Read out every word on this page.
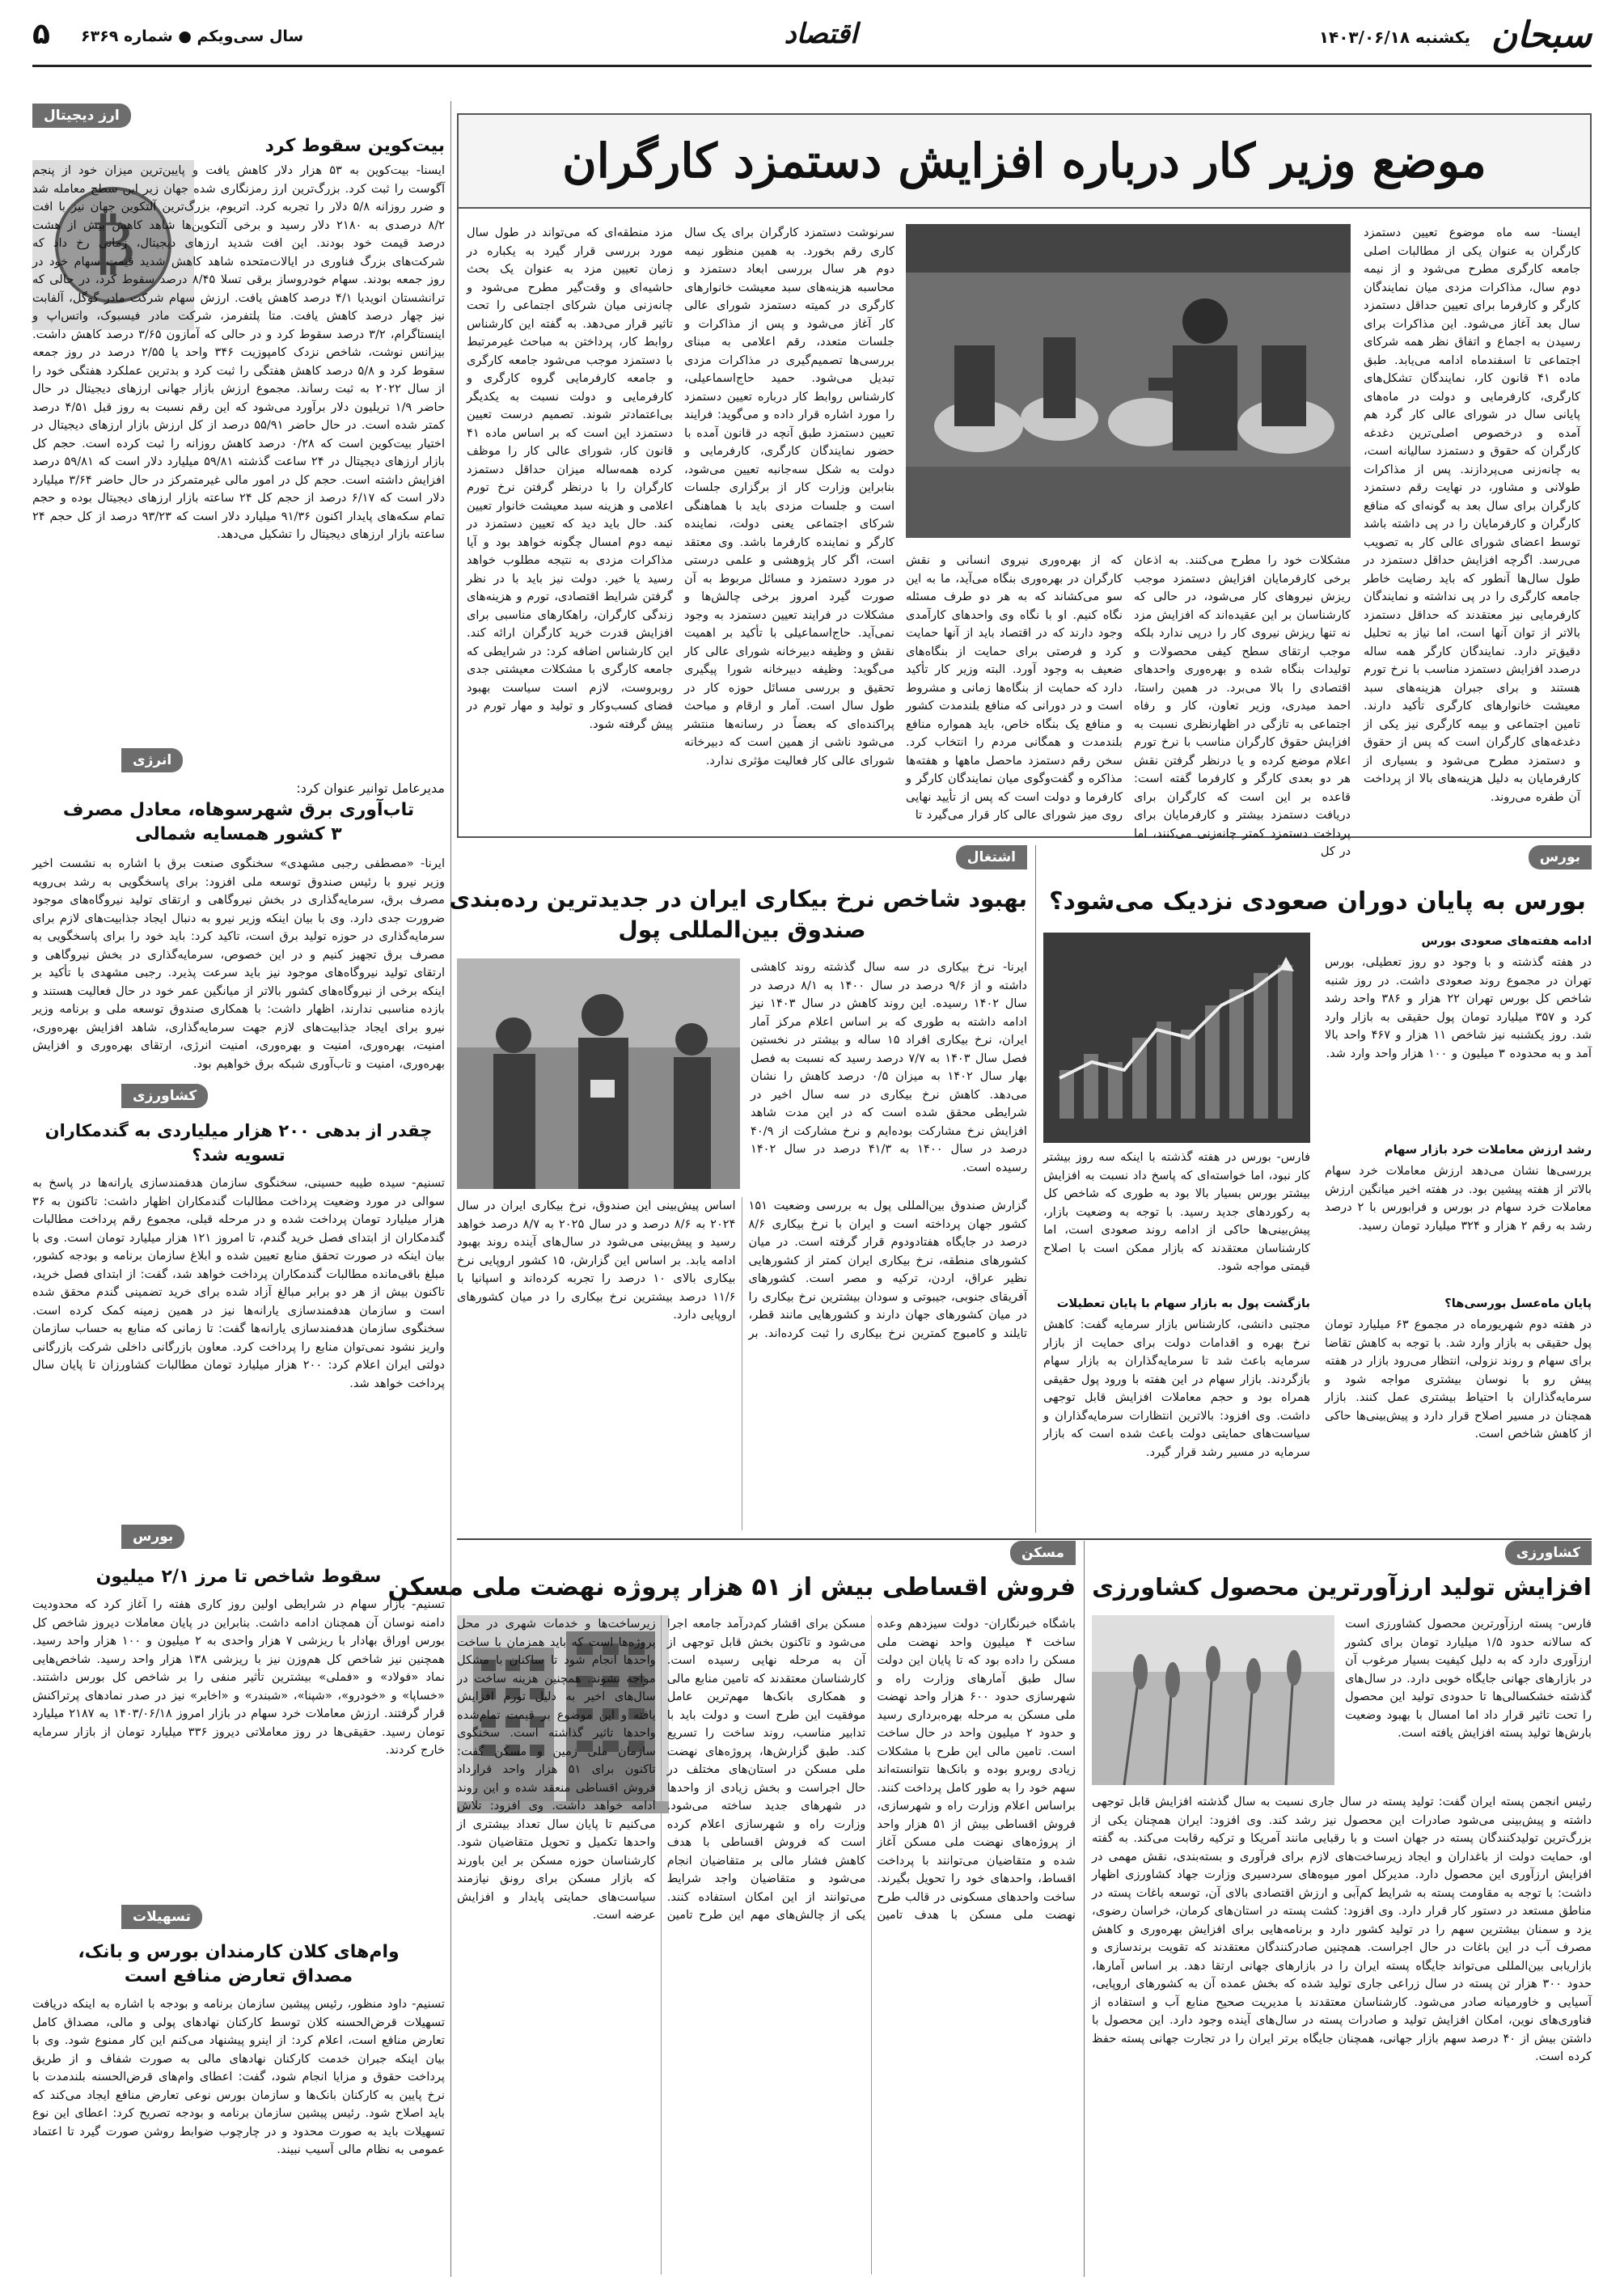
سبحان
یکشنبه ۱۴۰۳/۰۶/۱۸
اقتصاد
سال سی‌ویکم ● شماره ۶۳۶۹
۵
موضع وزیر کار درباره افزایش دستمزد کارگران
ایسنا- سه ماه موضوع تعیین دستمزد کارگران به عنوان یکی از مطالبات اصلی جامعه کارگری مطرح می‌شود و از نیمه دوم سال، مذاکرات مزدی میان نمایندگان کارگر و کارفرما برای تعیین حداقل دستمزد سال بعد آغاز می‌شود. این مذاکرات برای رسیدن به اجماع و اتفاق نظر همه شرکای اجتماعی تا اسفندماه ادامه می‌یابد. طبق ماده ۴۱ قانون کار، نمایندگان تشکل‌های کارگری، کارفرمایی و دولت در ماه‌های پایانی سال در شورای عالی کار گرد هم آمده و درخصوص اصلی‌ترین دغدغه کارگران که حقوق و دستمزد سالیانه است، به چانه‌زنی می‌پردازند. پس از مذاکرات طولانی و مشاور، در نهایت رقم دستمزد کارگران برای سال بعد به گونه‌ای که منافع کارگران و کارفرمایان را در پی داشته باشد توسط اعضای شورای عالی کار به تصویب می‌رسد. اگرچه افزایش حداقل دستمزد در طول سال‌ها آنطور که باید رضایت خاطر جامعه کارگری را در پی نداشته و نمایندگان کارفرمایی نیز معتقدند که حداقل دستمزد بالاتر از توان آنها است، اما نیاز به تحلیل دقیق‌تر دارد. نمایندگان کارگر همه ساله درصدد افزایش دستمزد مناسب با نرخ تورم هستند و برای جبران هزینه‌های سبد معیشت خانوارهای کارگری تأکید دارند. تامین اجتماعی و بیمه کارگری نیز یکی از دغدغه‌های کارگران است که پس از حقوق و دستمزد مطرح می‌شود و بسیاری از کارفرمایان به دلیل هزینه‌های بالا از پرداخت آن طفره می‌روند.
مشکلات خود را مطرح می‌کنند. به اذعان برخی کارفرمایان افزایش دستمزد موجب ریزش نیروهای کار می‌شود، در حالی که کارشناسان بر این عقیده‌اند که افزایش مزد نه تنها ریزش نیروی کار را درپی ندارد بلکه موجب ارتقای سطح کیفی محصولات و تولیدات بنگاه شده و بهره‌وری واحدهای اقتصادی را بالا می‌برد. در همین راستا، احمد میدری، وزیر تعاون، کار و رفاه اجتماعی به تازگی در اظهارنظری نسبت به افزایش حقوق کارگران مناسب با نرخ تورم اعلام موضع کرده و یا درنظر گرفتن نقش هر دو بعدی کارگر و کارفرما گفته است: قاعده بر این است که کارگران برای دریافت دستمزد بیشتر و کارفرمایان برای پرداخت دستمزد کمتر چانه‌زنی می‌کنند، اما در کل
که از بهره‌وری نیروی انسانی و نقش کارگران در بهره‌وری بنگاه می‌آید، ما به این سو می‌کشاند که به هر دو طرف مسئله نگاه کنیم. او با نگاه وی واحدهای کارآمدی وجود دارند که در اقتصاد باید از آنها حمایت کرد و فرصتی برای حمایت از بنگاه‌های ضعیف به وجود آورد. البته وزیر کار تأکید دارد که حمایت از بنگاه‌ها زمانی و مشروط است و در دورانی که منافع بلندمدت کشور و منافع یک بنگاه خاص، باید همواره منافع بلندمدت و همگانی مردم را انتخاب کرد. سخن رقم دستمزد ماحصل ماهها و هفته‌ها مذاکره و گفت‌وگوی میان نمایندگان کارگر و کارفرما و دولت است که پس از تأیید نهایی روی میز شورای عالی کار قرار می‌گیرد تا
سرنوشت دستمزد کارگران برای یک سال کاری رقم بخورد. به همین منظور نیمه دوم هر سال بررسی ابعاد دستمزد و محاسبه هزینه‌های سبد معیشت خانوارهای کارگری در کمیته دستمزد شورای عالی کار آغاز می‌شود و پس از مذاکرات و جلسات متعدد، رقم اعلامی به مبنای بررسی‌ها تصمیم‌گیری در مذاکرات مزدی تبدیل می‌شود. حمید حاج‌اسماعیلی، کارشناس روابط کار درباره تعیین دستمزد را مورد اشاره قرار داده و می‌گوید: فرایند تعیین دستمزد طبق آنچه در قانون آمده با حضور نمایندگان کارگری، کارفرمایی و دولت به شکل سه‌جانبه تعیین می‌شود، بنابراین وزارت کار از برگزاری جلسات است و جلسات مزدی باید با هماهنگی شرکای اجتماعی یعنی دولت، نماینده کارگر و نماینده کارفرما باشد. وی معتقد است، اگر کار پژوهشی و علمی درستی در مورد دستمزد و مسائل مربوط به آن صورت گیرد امروز برخی چالش‌ها و مشکلات در فرایند تعیین دستمزد به وجود نمی‌آید. حاج‌اسماعیلی با تأکید بر اهمیت نقش و وظیفه دبیرخانه شورای عالی کار می‌گوید: وظیفه دبیرخانه شورا پیگیری تحقیق و بررسی مسائل حوزه کار در طول سال است. آمار و ارقام و مباحث پراکنده‌ای که بعضاً در رسانه‌ها منتشر می‌شود ناشی از همین است که دبیرخانه شورای عالی کار فعالیت مؤثری ندارد.
مزد منطقه‌ای که می‌تواند در طول سال مورد بررسی قرار گیرد به یکباره در زمان تعیین مزد به عنوان یک بحث حاشیه‌ای و وقت‌گیر مطرح می‌شود و چانه‌زنی میان شرکای اجتماعی را تحت تاثیر قرار می‌دهد. به گفته این کارشناس روابط کار، پرداختن به مباحث غیرمرتبط با دستمزد موجب می‌شود جامعه کارگری و جامعه کارفرمایی گروه کارگری و کارفرمایی و دولت نسبت به یکدیگر بی‌اعتمادتر شوند. تصمیم درست تعیین دستمزد این است که بر اساس ماده ۴۱ قانون کار، شورای عالی کار را موظف کرده همه‌ساله میزان حداقل دستمزد کارگران را با درنظر گرفتن نرخ تورم اعلامی و هزینه سبد معیشت خانوار تعیین کند. حال باید دید که تعیین دستمزد در نیمه دوم امسال چگونه خواهد بود و آیا مذاکرات مزدی به نتیجه مطلوب خواهد رسید یا خیر. دولت نیز باید با در نظر گرفتن شرایط اقتصادی، تورم و هزینه‌های زندگی کارگران، راهکارهای مناسبی برای افزایش قدرت خرید کارگران ارائه کند. این کارشناس اضافه کرد: در شرایطی که جامعه کارگری با مشکلات معیشتی جدی روبروست، لازم است سیاست بهبود فضای کسب‌وکار و تولید و مهار تورم در پیش گرفته شود.
ارز دیجیتال
بیت‌کوین سقوط کرد
₿
ایسنا- بیت‌کوین به ۵۳ هزار دلار کاهش یافت و پایین‌ترین میزان خود از پنجم آگوست را ثبت کرد. بزرگ‌ترین ارز رمزنگاری شده جهان زیر این سطح معامله شد و ضرر روزانه ۵/۸ دلار را تجربه کرد. اتریوم، بزرگ‌ترین آلتکوین جهان نیز با افت ۸/۲ درصدی به ۲۱۸۰ دلار رسید و برخی آلتکوین‌ها شاهد کاهش بیش از هشت درصد قیمت خود بودند. این افت شدید ارزهای دیجیتال، زمانی رخ داد که شرکت‌های بزرگ فناوری در ایالات‌متحده شاهد کاهش شدید قیمت سهام خود در روز جمعه بودند. سهام خودروساز برقی تسلا ۸/۴۵ درصد سقوط کرد، در حالی که ترانشستان انویدیا ۴/۱ درصد کاهش یافت. ارزش سهام شرکت مادر گوگل، آلفابت نیز چهار درصد کاهش یافت. متا پلتفرمز، شرکت مادر فیسبوک، واتس‌اپ و اینستاگرام، ۳/۲ درصد سقوط کرد و در حالی که آمازون ۳/۶۵ درصد کاهش داشت. بیزانس نوشت، شاخص نزدک کامپوزیت ۳۴۶ واحد یا ۲/۵۵ درصد در روز جمعه سقوط کرد و ۵/۸ درصد کاهش هفتگی را ثبت کرد و بدترین عملکرد هفتگی خود را از سال ۲۰۲۲ به ثبت رساند. مجموع ارزش بازار جهانی ارزهای دیجیتال در حال حاضر ۱/۹ تریلیون دلار برآورد می‌شود که این رقم نسبت به روز قبل ۴/۵۱ درصد کمتر شده است. در حال حاضر ۵۵/۹۱ درصد از کل ارزش بازار ارزهای دیجیتال در اختیار بیت‌کوین است که ۰/۲۸ درصد کاهش روزانه را ثبت کرده است. حجم کل بازار ارزهای دیجیتال در ۲۴ ساعت گذشته ۵۹/۸۱ میلیارد دلار است که ۵۹/۸۱ درصد افزایش داشته است. حجم کل در امور مالی غیرمتمرکز در حال حاضر ۳/۶۴ میلیارد دلار است که ۶/۱۷ درصد از حجم کل ۲۴ ساعته بازار ارزهای دیجیتال بوده و حجم تمام سکه‌های پایدار اکنون ۹۱/۳۶ میلیارد دلار است که ۹۳/۲۳ درصد از کل حجم ۲۴ ساعته بازار ارزهای دیجیتال را تشکیل می‌دهد.
انرژی
مدیرعامل توانیر عنوان کرد:
تاب‌آوری برق شهرسوهاه، معادل مصرف
۳ کشور همسایه شمالی
ایرنا- «مصطفی رجبی مشهدی» سخنگوی صنعت برق با اشاره به نشست اخیر وزیر نیرو با رئیس صندوق توسعه ملی افزود: برای پاسخگویی به رشد بی‌رویه مصرف برق، سرمایه‌گذاری در بخش نیروگاهی و ارتقای تولید نیروگاه‌های موجود ضرورت جدی دارد. وی با بیان اینکه وزیر نیرو به دنبال ایجاد جذابیت‌های لازم برای سرمایه‌گذاری در حوزه تولید برق است، تاکید کرد: باید خود را برای پاسخگویی به مصرف برق تجهیز کنیم و در این خصوص، سرمایه‌گذاری در بخش نیروگاهی و ارتقای تولید نیروگاه‌های موجود نیز باید سرعت پذیرد. رجبی مشهدی با تأکید بر اینکه برخی از نیروگاه‌های کشور بالاتر از میانگین عمر خود در حال فعالیت هستند و بازده مناسبی ندارند، اظهار داشت: با همکاری صندوق توسعه ملی و برنامه وزیر نیرو برای ایجاد جذابیت‌های لازم جهت سرمایه‌گذاری، شاهد افزایش بهره‌وری، امنیت، بهره‌وری، امنیت و بهره‌وری، امنیت انرژی، ارتقای بهره‌وری و افزایش بهره‌وری، امنیت و تاب‌آوری شبکه برق خواهیم بود.
کشاورزی
چقدر از بدهی ۲۰۰ هزار میلیاردی به گندمکاران
تسویه شد؟
تسنیم- سیده طیبه حسینی، سخنگوی سازمان هدفمندسازی یارانه‌ها در پاسخ به سوالی در مورد وضعیت پرداخت مطالبات گندمکاران اظهار داشت: تاکنون به ۳۶ هزار میلیارد تومان پرداخت شده و در مرحله قبلی، مجموع رقم پرداخت مطالبات گندمکاران از ابتدای فصل خرید گندم، تا امروز ۱۲۱ هزار میلیارد تومان است. وی با بیان اینکه در صورت تحقق منابع تعیین شده و ابلاغ سازمان برنامه و بودجه کشور، مبلغ باقی‌مانده مطالبات گندمکاران پرداخت خواهد شد، گفت: از ابتدای فصل خرید، تاکنون بیش از هر دو برابر مبالغ آزاد شده برای خرید تضمینی گندم محقق شده است و سازمان هدفمندسازی یارانه‌ها نیز در همین زمینه کمک کرده است. سخنگوی سازمان هدفمندسازی یارانه‌ها گفت: تا زمانی که منابع به حساب سازمان واریز نشود نمی‌توان منابع را پرداخت کرد. معاون بازرگانی داخلی شرکت بازرگانی دولتی ایران اعلام کرد: ۲۰۰ هزار میلیارد تومان مطالبات کشاورزان تا پایان سال پرداخت خواهد شد.
بورس
سقوط شاخص تا مرز ۲/۱ میلیون
تسنیم- بازار سهام در شرایطی اولین روز کاری هفته را آغاز کرد که محدودیت دامنه نوسان آن همچنان ادامه داشت. بنابراین در پایان معاملات دیروز شاخص کل بورس اوراق بهادار با ریزشی ۷ هزار واحدی به ۲ میلیون و ۱۰۰ هزار واحد رسید. همچنین نیز شاخص کل هم‌وزن نیز با ریزشی ۱۳۸ هزار واحد رسید. شاخص‌هایی نماد «فولاد» و «فملی» بیشترین تأثیر منفی را بر شاخص کل بورس داشتند. «خساپا» و «خودرو»، «شپنا»، «شبندر» و «اخابر» نیز در صدر نمادهای پرتراکنش قرار گرفتند. ارزش معاملات خرد سهام در بازار امروز ۱۴۰۳/۰۶/۱۸ به ۲۱۸۷ میلیارد تومان رسید. حقیقی‌ها در روز معاملاتی دیروز ۳۳۶ میلیارد تومان از بازار سرمایه خارج کردند.
تسهیلات
وام‌های کلان کارمندان بورس و بانک،
مصداق تعارض منافع است
تسنیم- داود منظور، رئیس پیشین سازمان برنامه و بودجه با اشاره به اینکه دریافت تسهیلات قرض‌الحسنه کلان توسط کارکنان نهادهای پولی و مالی، مصداق کامل تعارض منافع است، اعلام کرد: از اینرو پیشنهاد می‌کنم این کار ممنوع شود. وی با بیان اینکه جبران خدمت کارکنان نهادهای مالی به صورت شفاف و از طریق پرداخت حقوق و مزایا انجام شود، گفت: اعطای وام‌های قرض‌الحسنه بلندمدت با نرخ پایین به کارکنان بانک‌ها و سازمان بورس نوعی تعارض منافع ایجاد می‌کند که باید اصلاح شود. رئیس پیشین سازمان برنامه و بودجه تصریح کرد: اعطای این نوع تسهیلات باید به صورت محدود و در چارچوب ضوابط روشن صورت گیرد تا اعتماد عمومی به نظام مالی آسیب نبیند.
بورس
بورس به پایان دوران صعودی نزدیک می‌شود؟
فارس- بورس در هفته گذشته با اینکه سه روز بیشتر کار نبود، اما خواسته‌ای که پاسخ داد نسبت به افزایش بیشتر بورس بسیار بالا بود به طوری که شاخص کل به رکوردهای جدید رسید. با توجه به وضعیت بازار، پیش‌بینی‌ها حاکی از ادامه روند صعودی است، اما کارشناسان معتقدند که بازار ممکن است با اصلاح قیمتی مواجه شود.
بازگشت پول به بازار سهام با پایان تعطیلات
مجتبی دانشی، کارشناس بازار سرمایه گفت: کاهش نرخ بهره و اقدامات دولت برای حمایت از بازار سرمایه باعث شد تا سرمایه‌گذاران به بازار سهام بازگردند. بازار سهام در این هفته با ورود پول حقیقی همراه بود و حجم معاملات افزایش قابل توجهی داشت. وی افزود: بالاترین انتظارات سرمایه‌گذاران و سیاست‌های حمایتی دولت باعث شده است که بازار سرمایه در مسیر رشد قرار گیرد.
ادامه هفته‌های صعودی بورس
در هفته گذشته و با وجود دو روز تعطیلی، بورس تهران در مجموع روند صعودی داشت. در روز شنبه شاخص کل بورس تهران ۲۲ هزار و ۳۸۶ واحد رشد کرد و ۳۵۷ میلیارد تومان پول حقیقی به بازار وارد شد. روز یکشنبه نیز شاخص ۱۱ هزار و ۴۶۷ واحد بالا آمد و به محدوده ۳ میلیون و ۱۰۰ هزار واحد وارد شد.
رشد ارزش معاملات خرد بازار سهام
بررسی‌ها نشان می‌دهد ارزش معاملات خرد سهام بالاتر از هفته پیشین بود. در هفته اخیر میانگین ارزش معاملات خرد سهام در بورس و فرابورس با ۲ درصد رشد به رقم ۲ هزار و ۳۲۴ میلیارد تومان رسید.
پایان ماه‌عسل بورسی‌ها؟
در هفته دوم شهریورماه در مجموع ۶۳ میلیارد تومان پول حقیقی به بازار وارد شد. با توجه به کاهش تقاضا برای سهام و روند نزولی، انتظار می‌رود بازار در هفته پیش رو با نوسان بیشتری مواجه شود و سرمایه‌گذاران با احتیاط بیشتری عمل کنند. بازار همچنان در مسیر اصلاح قرار دارد و پیش‌بینی‌ها حاکی از کاهش شاخص است.
اشتغال
بهبود شاخص نرخ بیکاری ایران در جدیدترین رده‌بندی
صندوق بین‌المللی پول
ایرنا- نرخ بیکاری در سه سال گذشته روند کاهشی داشته و از ۹/۶ درصد در سال ۱۴۰۰ به ۸/۱ درصد در سال ۱۴۰۲ رسیده. این روند کاهش در سال ۱۴۰۳ نیز ادامه داشته به طوری که بر اساس اعلام مرکز آمار ایران، نرخ بیکاری افراد ۱۵ ساله و بیشتر در نخستین فصل سال ۱۴۰۳ به ۷/۷ درصد رسید که نسبت به فصل بهار سال ۱۴۰۲ به میزان ۰/۵ درصد کاهش را نشان می‌دهد. کاهش نرخ بیکاری در سه سال اخیر در شرایطی محقق شده است که در این مدت شاهد افزایش نرخ مشارکت بوده‌ایم و نرخ مشارکت از ۴۰/۹ درصد در سال ۱۴۰۰ به ۴۱/۳ درصد در سال ۱۴۰۲ رسیده است.
گزارش صندوق بین‌المللی پول به بررسی وضعیت ۱۵۱ کشور جهان پرداخته است و ایران با نرخ بیکاری ۸/۶ درصد در جایگاه هفتادودوم قرار گرفته است. در میان کشورهای منطقه، نرخ بیکاری ایران کمتر از کشورهایی نظیر عراق، اردن، ترکیه و مصر است. کشورهای آفریقای جنوبی، جیبوتی و سودان بیشترین نرخ بیکاری را در میان کشورهای جهان دارند و کشورهایی مانند قطر، تایلند و کامبوج کمترین نرخ بیکاری را ثبت کرده‌اند. بر اساس پیش‌بینی این صندوق، نرخ بیکاری ایران در سال ۲۰۲۴ به ۸/۶ درصد و در سال ۲۰۲۵ به ۸/۷ درصد خواهد رسید و پیش‌بینی می‌شود در سال‌های آینده روند بهبود ادامه یابد. بر اساس این گزارش، ۱۵ کشور اروپایی نرخ بیکاری بالای ۱۰ درصد را تجربه کرده‌اند و اسپانیا با ۱۱/۶ درصد بیشترین نرخ بیکاری را در میان کشورهای اروپایی دارد.
مسکن
فروش اقساطی بیش از ۵۱ هزار پروژه نهضت ملی مسکن
باشگاه خبرنگاران- دولت سیزدهم وعده ساخت ۴ میلیون واحد نهضت ملی مسکن را داده بود که تا پایان این دولت سال طبق آمارهای وزارت راه و شهرسازی حدود ۶۰۰ هزار واحد نهضت ملی مسکن به مرحله بهره‌برداری رسید و حدود ۲ میلیون واحد در حال ساخت است. تامین مالی این طرح با مشکلات زیادی روبرو بوده و بانک‌ها نتوانسته‌اند سهم خود را به طور کامل پرداخت کنند. براساس اعلام وزارت راه و شهرسازی، فروش اقساطی بیش از ۵۱ هزار واحد از پروژه‌های نهضت ملی مسکن آغاز شده و متقاضیان می‌توانند با پرداخت اقساط، واحدهای خود را تحویل بگیرند. ساخت واحدهای مسکونی در قالب طرح نهضت ملی مسکن با هدف تامین مسکن برای اقشار کم‌درآمد جامعه اجرا می‌شود و تاکنون بخش قابل توجهی از آن به مرحله نهایی رسیده است. کارشناسان معتقدند که تامین منابع مالی و همکاری بانک‌ها مهم‌ترین عامل موفقیت این طرح است و دولت باید با تدابیر مناسب، روند ساخت را تسریع کند. طبق گزارش‌ها، پروژه‌های نهضت ملی مسکن در استان‌های مختلف در حال اجراست و بخش زیادی از واحدها در شهرهای جدید ساخته می‌شود. وزارت راه و شهرسازی اعلام کرده است که فروش اقساطی با هدف کاهش فشار مالی بر متقاضیان انجام می‌شود و متقاضیان واجد شرایط می‌توانند از این امکان استفاده کنند. یکی از چالش‌های مهم این طرح تامین زیرساخت‌ها و خدمات شهری در محل پروژه‌ها است که باید همزمان با ساخت واحدها انجام شود تا ساکنان با مشکل مواجه نشوند. همچنین هزینه ساخت در سال‌های اخیر به دلیل تورم افزایش یافته و این موضوع بر قیمت تمام‌شده واحدها تاثیر گذاشته است. سخنگوی سازمان ملی زمین و مسکن گفت: تاکنون برای ۵۱ هزار واحد قرارداد فروش اقساطی منعقد شده و این روند ادامه خواهد داشت. وی افزود: تلاش می‌کنیم تا پایان سال تعداد بیشتری از واحدها تکمیل و تحویل متقاضیان شود. کارشناسان حوزه مسکن بر این باورند که بازار مسکن برای رونق نیازمند سیاست‌های حمایتی پایدار و افزایش عرضه است.
کشاورزی
افزایش تولید ارزآورترین محصول کشاورزی
فارس- پسته ارزآورترین محصول کشاورزی است که سالانه حدود ۱/۵ میلیارد تومان برای کشور ارزآوری دارد که به دلیل کیفیت بسیار مرغوب آن در بازارهای جهانی جایگاه خوبی دارد. در سال‌های گذشته خشکسالی‌ها تا حدودی تولید این محصول را تحت تاثیر قرار داد اما امسال با بهبود وضعیت بارش‌ها تولید پسته افزایش یافته است.
رئیس انجمن پسته ایران گفت: تولید پسته در سال جاری نسبت به سال گذشته افزایش قابل توجهی داشته و پیش‌بینی می‌شود صادرات این محصول نیز رشد کند. وی افزود: ایران همچنان یکی از بزرگ‌ترین تولیدکنندگان پسته در جهان است و با رقبایی مانند آمریکا و ترکیه رقابت می‌کند. به گفته او، حمایت دولت از باغداران و ایجاد زیرساخت‌های لازم برای فرآوری و بسته‌بندی، نقش مهمی در افزایش ارزآوری این محصول دارد. مدیرکل امور میوه‌های سردسیری وزارت جهاد کشاورزی اظهار داشت: با توجه به مقاومت پسته به شرایط کم‌آبی و ارزش اقتصادی بالای آن، توسعه باغات پسته در مناطق مستعد در دستور کار قرار دارد. وی افزود: کشت پسته در استان‌های کرمان، خراسان رضوی، یزد و سمنان بیشترین سهم را در تولید کشور دارد و برنامه‌هایی برای افزایش بهره‌وری و کاهش مصرف آب در این باغات در حال اجراست. همچنین صادرکنندگان معتقدند که تقویت برندسازی و بازاریابی بین‌المللی می‌تواند جایگاه پسته ایران را در بازارهای جهانی ارتقا دهد. بر اساس آمارها، حدود ۳۰۰ هزار تن پسته در سال زراعی جاری تولید شده که بخش عمده آن به کشورهای اروپایی، آسیایی و خاورمیانه صادر می‌شود. کارشناسان معتقدند با مدیریت صحیح منابع آب و استفاده از فناوری‌های نوین، امکان افزایش تولید و صادرات پسته در سال‌های آینده وجود دارد. این محصول با داشتن بیش از ۴۰ درصد سهم بازار جهانی، همچنان جایگاه برتر ایران را در تجارت جهانی پسته حفظ کرده است.
